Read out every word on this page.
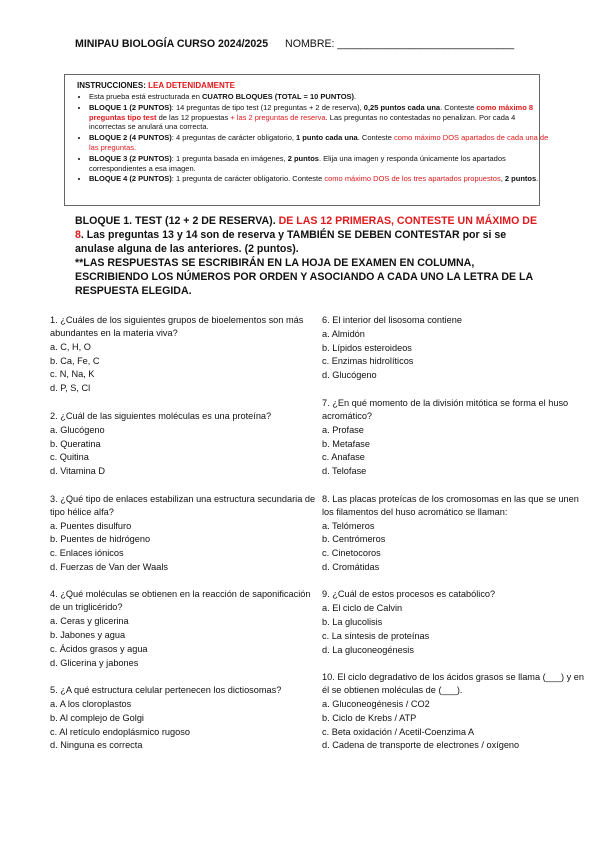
MINIPAU BIOLOGÍA CURSO 2024/2025 NOMBRE: ______________________________
INSTRUCCIONES: LEA DETENIDAMENTE
• Esta prueba está estructurada en CUATRO BLOQUES (TOTAL = 10 PUNTOS).
• BLOQUE 1 (2 PUNTOS): 14 preguntas de tipo test (12 preguntas + 2 de reserva), 0,25 puntos cada una. Conteste como máximo 8 preguntas tipo test de las 12 propuestas + las 2 preguntas de reserva. Las preguntas no contestadas no penalizan. Por cada 4 incorrectas se anulará una correcta.
• BLOQUE 2 (4 PUNTOS): 4 preguntas de carácter obligatorio, 1 punto cada una. Conteste como máximo DOS apartados de cada una de las preguntas.
• BLOQUE 3 (2 PUNTOS): 1 pregunta basada en imágenes, 2 puntos. Elija una imagen y responda únicamente los apartados correspondientes a esa imagen.
• BLOQUE 4 (2 PUNTOS): 1 pregunta de carácter obligatorio. Conteste como máximo DOS de los tres apartados propuestos, 2 puntos.
BLOQUE 1. TEST (12 + 2 DE RESERVA). DE LAS 12 PRIMERAS, CONTESTE UN MÁXIMO DE 8. Las preguntas 13 y 14 son de reserva y TAMBIÉN SE DEBEN CONTESTAR por si se anulase alguna de las anteriores. (2 puntos).
**LAS RESPUESTAS SE ESCRIBIRÁN EN LA HOJA DE EXAMEN EN COLUMNA, ESCRIBIENDO LOS NÚMEROS POR ORDEN Y ASOCIANDO A CADA UNO LA LETRA DE LA RESPUESTA ELEGIDA.
1. ¿Cuáles de los siguientes grupos de bioelementos son más abundantes en la materia viva?
a. C, H, O
b. Ca, Fe, C
c. N, Na, K
d. P, S, Cl
2. ¿Cuál de las siguientes moléculas es una proteína?
a. Glucógeno
b. Queratina
c. Quitina
d. Vitamina D
3. ¿Qué tipo de enlaces estabilizan una estructura secundaria de tipo hélice alfa?
a. Puentes disulfuro
b. Puentes de hidrógeno
c. Enlaces iónicos
d. Fuerzas de Van der Waals
4. ¿Qué moléculas se obtienen en la reacción de saponificación de un triglicérido?
a. Ceras y glicerina
b. Jabones y agua
c. Ácidos grasos y agua
d. Glicerina y jabones
5. ¿A qué estructura celular pertenecen los dictiosomas?
a. A los cloroplastos
b. Al complejo de Golgi
c. Al retículo endoplásmico rugoso
d. Ninguna es correcta
6. El interior del lisosoma contiene
a. Almidón
b. Lípidos esteroideos
c. Enzimas hidrolíticos
d. Glucógeno
7. ¿En qué momento de la división mitótica se forma el huso acromático?
a. Profase
b. Metafase
c. Anafase
d. Telofase
8. Las placas proteícas de los cromosomas en las que se unen los filamentos del huso acromático se llaman:
a. Telómeros
b. Centrómeros
c. Cinetocoros
d. Cromátidas
9. ¿Cuál de estos procesos es catabólico?
a. El ciclo de Calvin
b. La glucolisis
c. La síntesis de proteínas
d. La gluconeogénesis
10. El ciclo degradativo de los ácidos grasos se llama (___) y en él se obtienen moléculas de (___).
a. Gluconeogénesis / CO2
b. Ciclo de Krebs / ATP
c. Beta oxidación / Acetil-Coenzima A
d. Cadena de transporte de electrones / oxígeno
